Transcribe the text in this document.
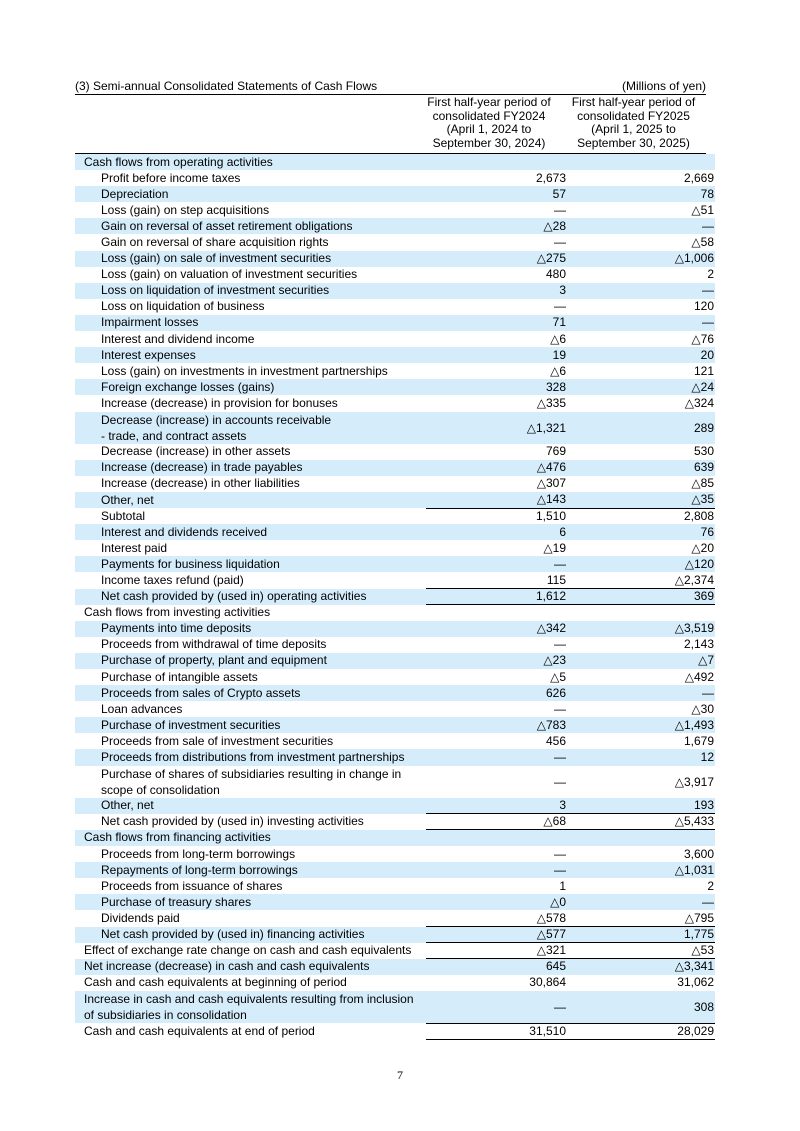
(3) Semi-annual Consolidated Statements of Cash Flows	(Millions of yen)
First half-year period of
consolidated FY2024
(April 1, 2024 to
September 30, 2024)
First half-year period of
consolidated FY2025
(April 1, 2025 to
September 30, 2025)
Cash flows from operating activities		
Profit before income taxes	2,673	2,669
Depreciation	57	78
Loss (gain) on step acquisitions	―	△51
Gain on reversal of asset retirement obligations	△28	―
Gain on reversal of share acquisition rights	―	△58
Loss (gain) on sale of investment securities	△275	△1,006
Loss (gain) on valuation of investment securities	480	2
Loss on liquidation of investment securities	3	―
Loss on liquidation of business	―	120
Impairment losses	71	―
Interest and dividend income	△6	△76
Interest expenses	19	20
Loss (gain) on investments in investment partnerships	△6	121
Foreign exchange losses (gains)	328	△24
Increase (decrease) in provision for bonuses	△335	△324
Decrease (increase) in accounts receivable
- trade, and contract assets	△1,321	289
Decrease (increase) in other assets	769	530
Increase (decrease) in trade payables	△476	639
Increase (decrease) in other liabilities	△307	△85
Other, net	△143	△35
Subtotal	1,510	2,808
Interest and dividends received	6	76
Interest paid	△19	△20
Payments for business liquidation	―	△120
Income taxes refund (paid)	115	△2,374
Net cash provided by (used in) operating activities	1,612	369
Cash flows from investing activities		
Payments into time deposits	△342	△3,519
Proceeds from withdrawal of time deposits	―	2,143
Purchase of property, plant and equipment	△23	△7
Purchase of intangible assets	△5	△492
Proceeds from sales of Crypto assets	626	―
Loan advances	―	△30
Purchase of investment securities	△783	△1,493
Proceeds from sale of investment securities	456	1,679
Proceeds from distributions from investment partnerships	―	12
Purchase of shares of subsidiaries resulting in change in
scope of consolidation	―	△3,917
Other, net	3	193
Net cash provided by (used in) investing activities	△68	△5,433
Cash flows from financing activities		
Proceeds from long-term borrowings	―	3,600
Repayments of long-term borrowings	―	△1,031
Proceeds from issuance of shares	1	2
Purchase of treasury shares	△0	―
Dividends paid	△578	△795
Net cash provided by (used in) financing activities	△577	1,775
Effect of exchange rate change on cash and cash equivalents	△321	△53
Net increase (decrease) in cash and cash equivalents	645	△3,341
Cash and cash equivalents at beginning of period	30,864	31,062
Increase in cash and cash equivalents resulting from inclusion
of subsidiaries in consolidation	―	308
Cash and cash equivalents at end of period	31,510	28,029
7
